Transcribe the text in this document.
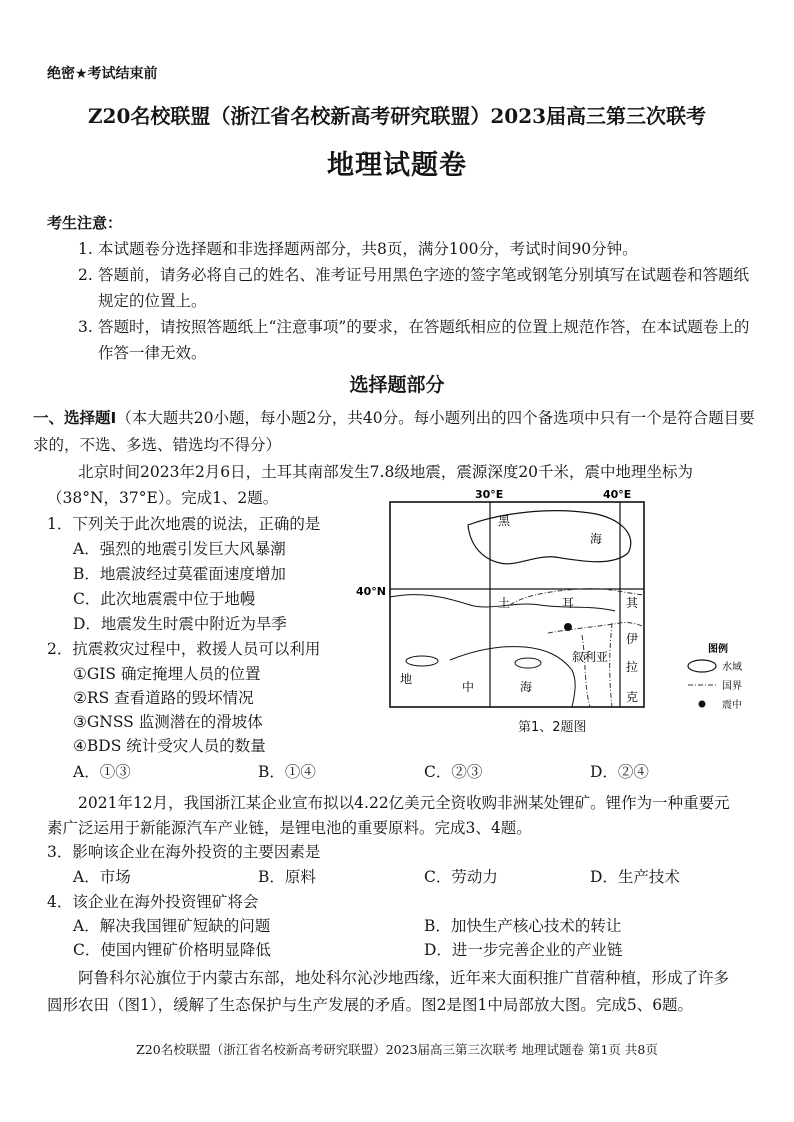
绝密★考试结束前
Z20名校联盟（浙江省名校新高考研究联盟）2023届高三第三次联考
地理试题卷
考生注意：
1. 本试题卷分选择题和非选择题两部分，共8页，满分100分，考试时间90分钟。
2. 答题前，请务必将自己的姓名、准考证号用黑色字迹的签字笔或钢笔分别填写在试题卷和答题纸规定的位置上。
3. 答题时，请按照答题纸上“注意事项”的要求，在答题纸相应的位置上规范作答，在本试题卷上的作答一律无效。
选择题部分
一、选择题Ⅰ（本大题共20小题，每小题2分，共40分。每小题列出的四个备选项中只有一个是符合题目要求的，不选、多选、错选均不得分）
北京时间2023年2月6日，土耳其南部发生7.8级地震，震源深度20千米，震中地理坐标为
（38°N，37°E）。完成1、2题。
1．下列关于此次地震的说法，正确的是
A．强烈的地震引发巨大风暴潮
B．地震波经过莫霍面速度增加
C．此次地震震中位于地幔
D．地震发生时震中附近为旱季
2．抗震救灾过程中，救援人员可以利用
①GIS 确定掩埋人员的位置
②RS 查看道路的毁坏情况
③GNSS 监测潜在的滑坡体
④BDS 统计受灾人员的数量
A．①③	B．①④	C．②③	D．②④
30°E	40°E
40°N
黑
海
土	耳	其
叙利亚
伊
拉
克
地
中	海
图例
水域
国界
震中
第1、2题图
2021年12月，我国浙江某企业宣布拟以4.22亿美元全资收购非洲某处锂矿。锂作为一种重要元
素广泛运用于新能源汽车产业链，是锂电池的重要原料。完成3、4题。
3．影响该企业在海外投资的主要因素是
A．市场	B．原料	C．劳动力	D．生产技术
4．该企业在海外投资锂矿将会
A．解决我国锂矿短缺的问题	B．加快生产核心技术的转让
C．使国内锂矿价格明显降低	D．进一步完善企业的产业链
阿鲁科尔沁旗位于内蒙古东部，地处科尔沁沙地西缘，近年来大面积推广苜蓿种植，形成了许多
圆形农田（图1），缓解了生态保护与生产发展的矛盾。图2是图1中局部放大图。完成5、6题。
Z20名校联盟（浙江省名校新高考研究联盟）2023届高三第三次联考 地理试题卷 第1页 共8页
